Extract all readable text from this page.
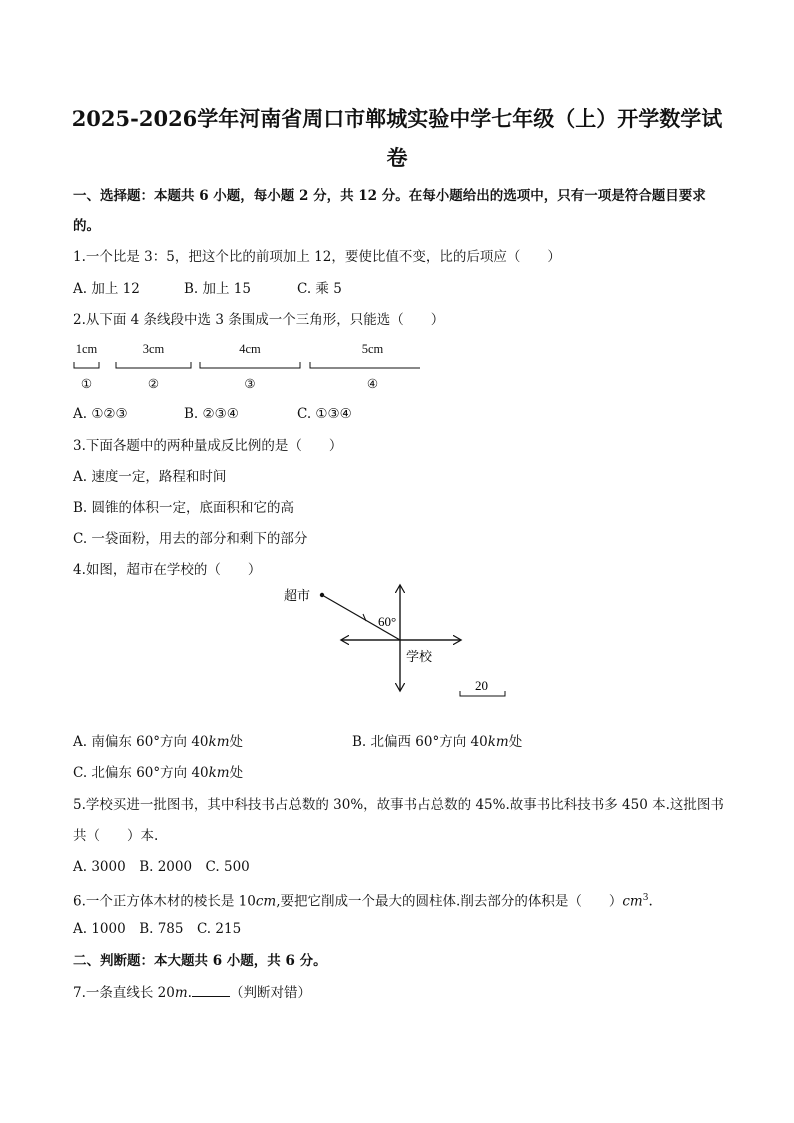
2025-2026学年河南省周口市郸城实验中学七年级（上）开学数学试
卷
一、选择题：本题共 6 小题，每小题 2 分，共 12 分。在每小题给出的选项中，只有一项是符合题目要求
的。
1.一个比是 3：5，把这个比的前项加上 12，要使比值不变，比的后项应（　　）
A. 加上 12	B. 加上 15	C. 乘 5
2.从下面 4 条线段中选 3 条围成一个三角形，只能选（　　）
1cm
①
3cm
②
4cm
③
5cm
④
A. ①②③	B. ②③④	C. ①③④
3.下面各题中的两种量成反比例的是（　　）
A. 速度一定，路程和时间
B. 圆锥的体积一定，底面积和它的高
C. 一袋面粉，用去的部分和剩下的部分
4.如图，超市在学校的（　　）
超市
60°
学校
20
A. 南偏东 60°方向 40km处	B. 北偏西 60°方向 40km处
C. 北偏东 60°方向 40km处
5.学校买进一批图书，其中科技书占总数的 30%，故事书占总数的 45%.故事书比科技书多 450 本.这批图书
共（　　）本.
A. 3000　B. 2000　C. 500
6.一个正方体木材的棱长是 10cm,要把它削成一个最大的圆柱体.削去部分的体积是（　　）$cm^3$.
A. 1000　B. 785　C. 215
二、判断题：本大题共 6 小题，共 6 分。
7.一条直线长 20m.	（判断对错）
